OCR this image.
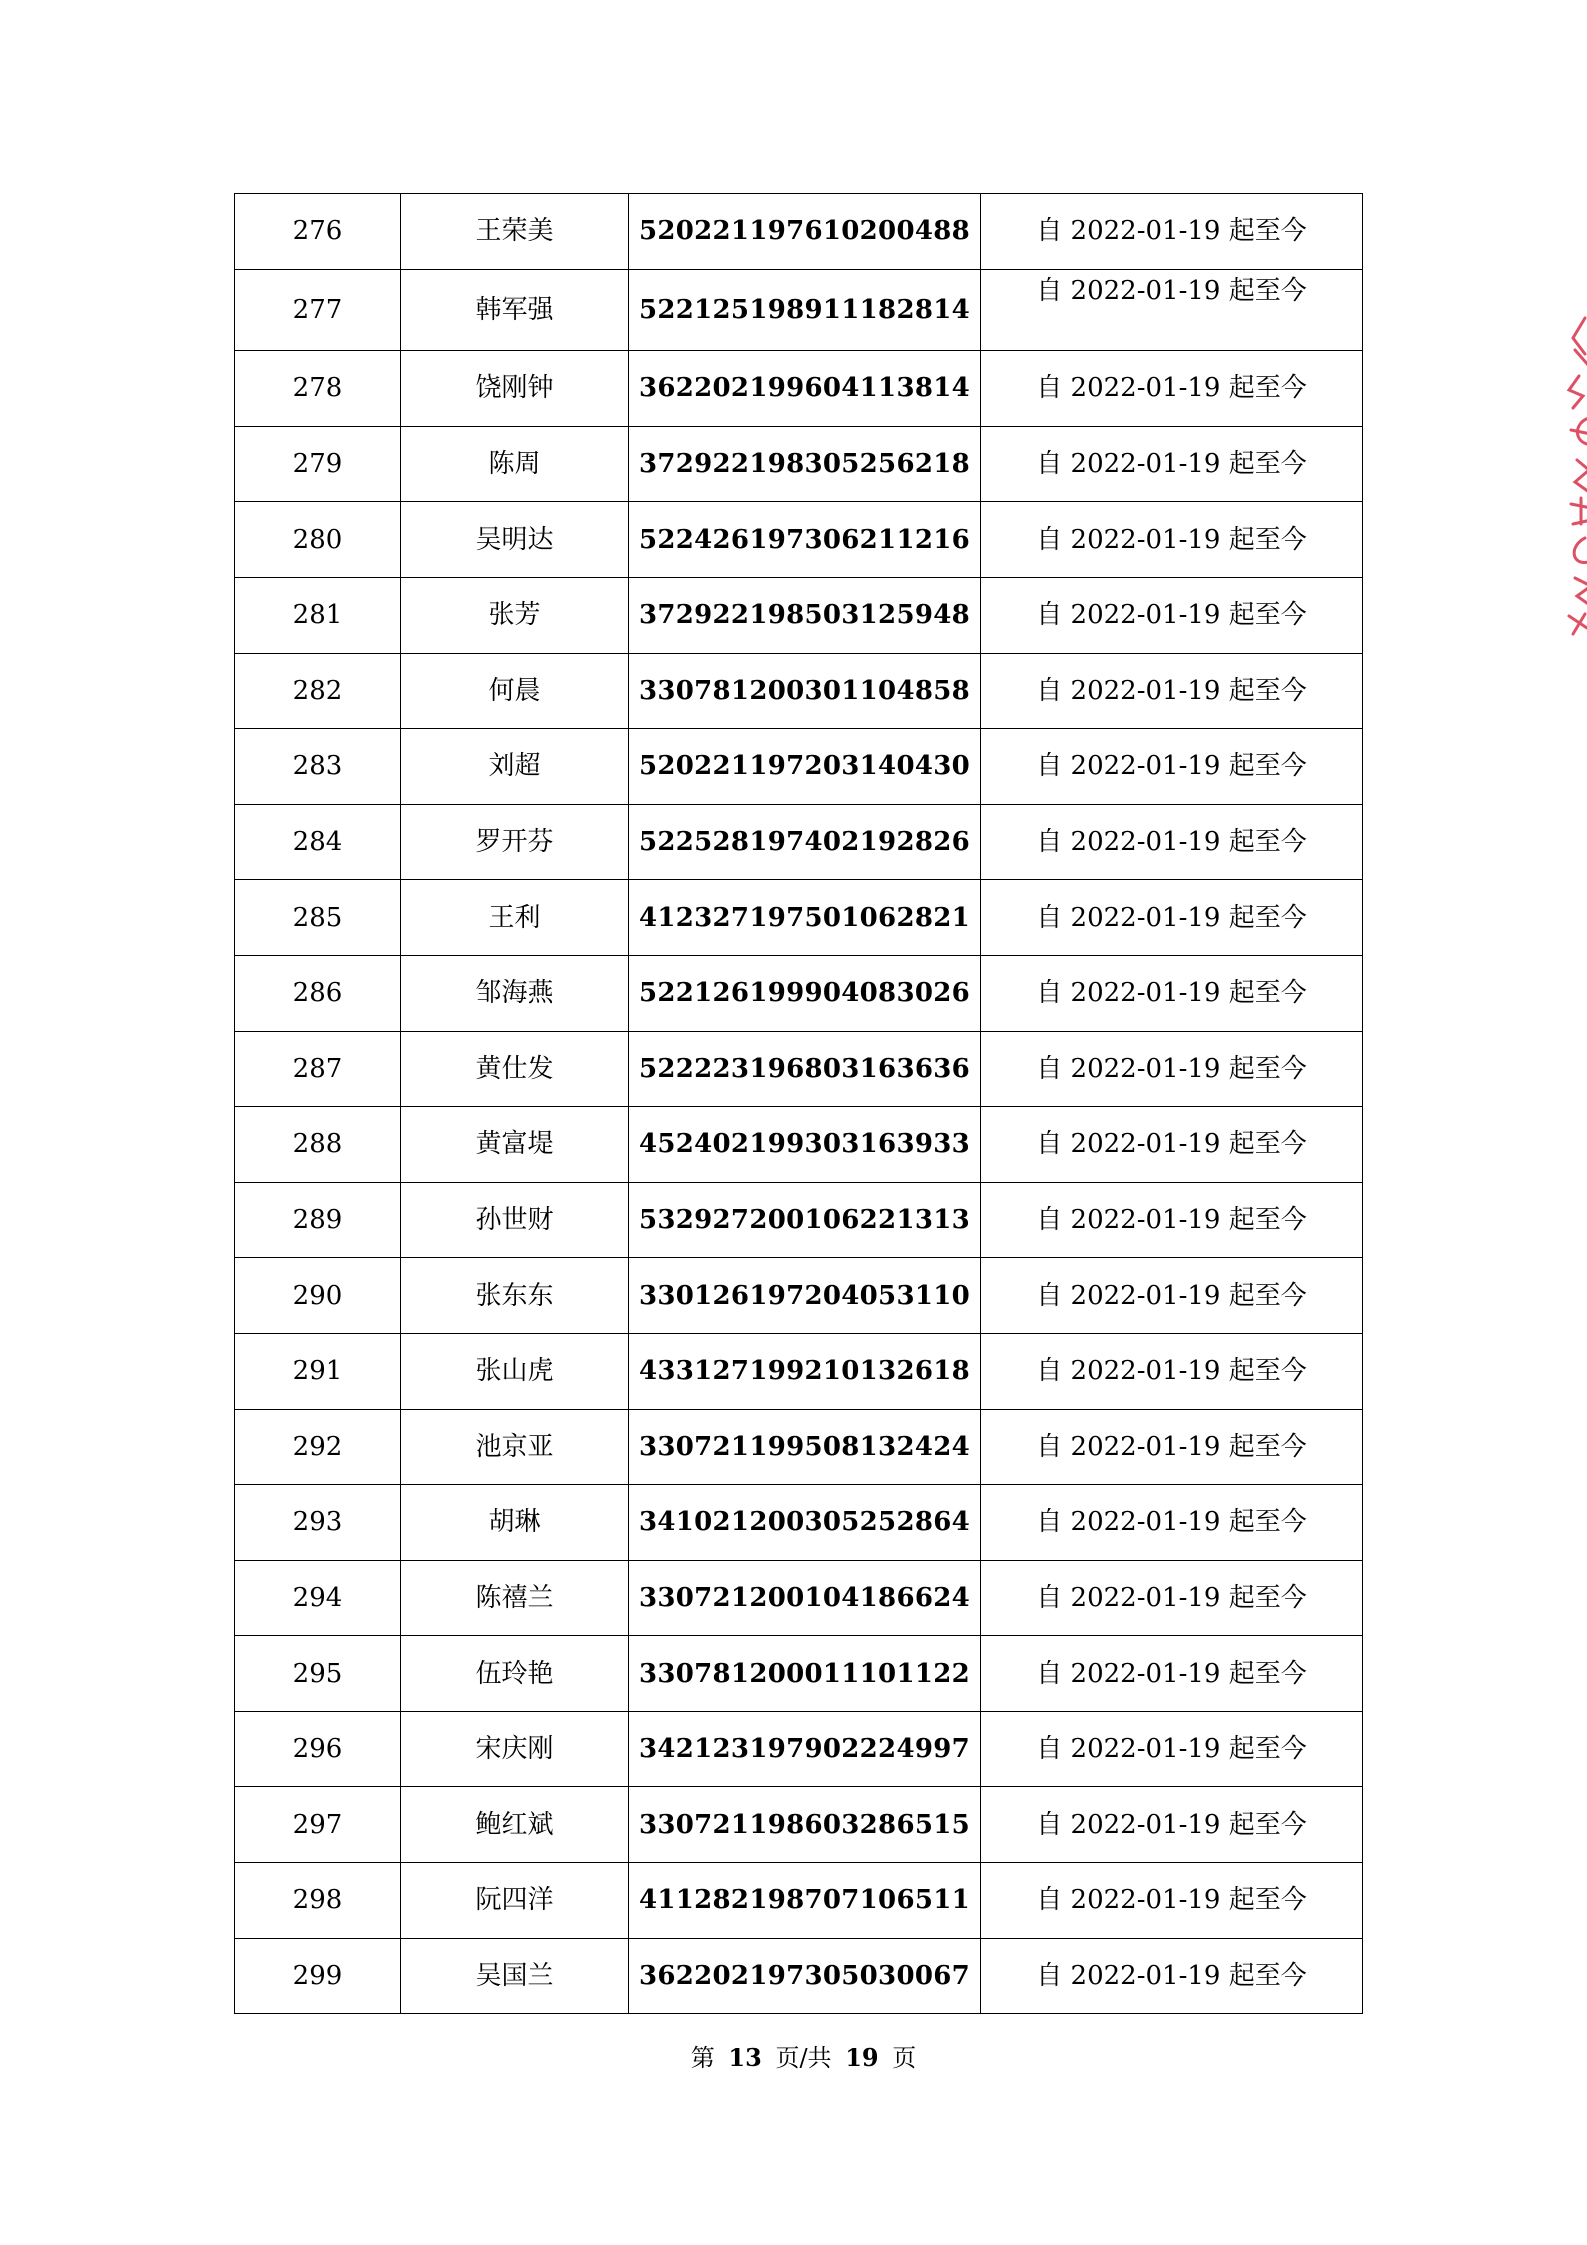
276	王荣美	520221197610200488	自 2022-01-19 起至今
277	韩军强	522125198911182814	自 2022-01-19 起至今
278	饶刚钟	362202199604113814	自 2022-01-19 起至今
279	陈周	372922198305256218	自 2022-01-19 起至今
280	吴明达	522426197306211216	自 2022-01-19 起至今
281	张芳	372922198503125948	自 2022-01-19 起至今
282	何晨	330781200301104858	自 2022-01-19 起至今
283	刘超	520221197203140430	自 2022-01-19 起至今
284	罗开芬	522528197402192826	自 2022-01-19 起至今
285	王利	412327197501062821	自 2022-01-19 起至今
286	邹海燕	522126199904083026	自 2022-01-19 起至今
287	黄仕发	522223196803163636	自 2022-01-19 起至今
288	黄富堤	452402199303163933	自 2022-01-19 起至今
289	孙世财	532927200106221313	自 2022-01-19 起至今
290	张东东	330126197204053110	自 2022-01-19 起至今
291	张山虎	433127199210132618	自 2022-01-19 起至今
292	池京亚	330721199508132424	自 2022-01-19 起至今
293	胡琳	341021200305252864	自 2022-01-19 起至今
294	陈禧兰	330721200104186624	自 2022-01-19 起至今
295	伍玲艳	330781200011101122	自 2022-01-19 起至今
296	宋庆刚	342123197902224997	自 2022-01-19 起至今
297	鲍红斌	330721198603286515	自 2022-01-19 起至今
298	阮四洋	411282198707106511	自 2022-01-19 起至今
299	吴国兰	362202197305030067	自 2022-01-19 起至今
第 13 页/共 19 页
